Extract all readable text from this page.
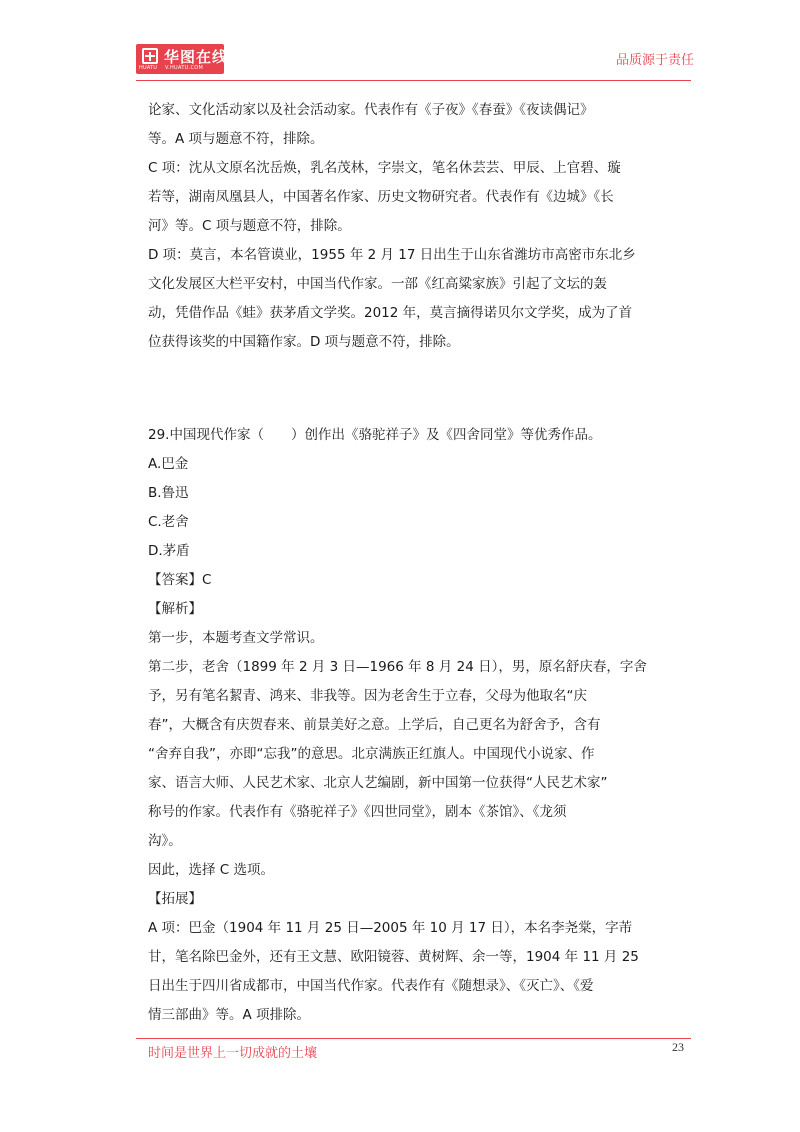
HUATU
华图在线
V.HUATU.COM	品质源于责任

论家、文化活动家以及社会活动家。代表作有《子夜》《春蚕》《夜读偶记》

等。A 项与题意不符，排除。

C 项：沈从文原名沈岳焕，乳名茂林，字崇文，笔名休芸芸、甲辰、上官碧、璇

若等，湖南凤凰县人，中国著名作家、历史文物研究者。代表作有《边城》《长

河》等。C 项与题意不符，排除。

D 项：莫言，本名管谟业，1955 年 2 月 17 日出生于山东省潍坊市高密市东北乡

文化发展区大栏平安村，中国当代作家。一部《红高粱家族》引起了文坛的轰

动，凭借作品《蛙》获茅盾文学奖。2012 年，莫言摘得诺贝尔文学奖，成为了首

位获得该奖的中国籍作家。D 项与题意不符，排除。

29.中国现代作家（　　）创作出《骆驼祥子》及《四舍同堂》等优秀作品。

A.巴金

B.鲁迅

C.老舍

D.茅盾

【答案】C

【解析】

第一步，本题考查文学常识。

第二步，老舍（1899 年 2 月 3 日—1966 年 8 月 24 日），男，原名舒庆春，字舍

予，另有笔名絜青、鸿来、非我等。因为老舍生于立春，父母为他取名“庆

春”，大概含有庆贺春来、前景美好之意。上学后，自己更名为舒舍予，含有

“舍弃自我”，亦即“忘我”的意思。北京满族正红旗人。中国现代小说家、作

家、语言大师、人民艺术家、北京人艺编剧，新中国第一位获得“人民艺术家”

称号的作家。代表作有《骆驼祥子》《四世同堂》，剧本《茶馆》、《龙须

沟》。

因此，选择 C 选项。

【拓展】

A 项：巴金（1904 年 11 月 25 日—2005 年 10 月 17 日），本名李尧棠，字芾

甘，笔名除巴金外，还有王文慧、欧阳镜蓉、黄树辉、余一等，1904 年 11 月 25

日出生于四川省成都市，中国当代作家。代表作有《随想录》、《灭亡》、《爱

情三部曲》等。A 项排除。

时间是世界上一切成就的土壤	23
